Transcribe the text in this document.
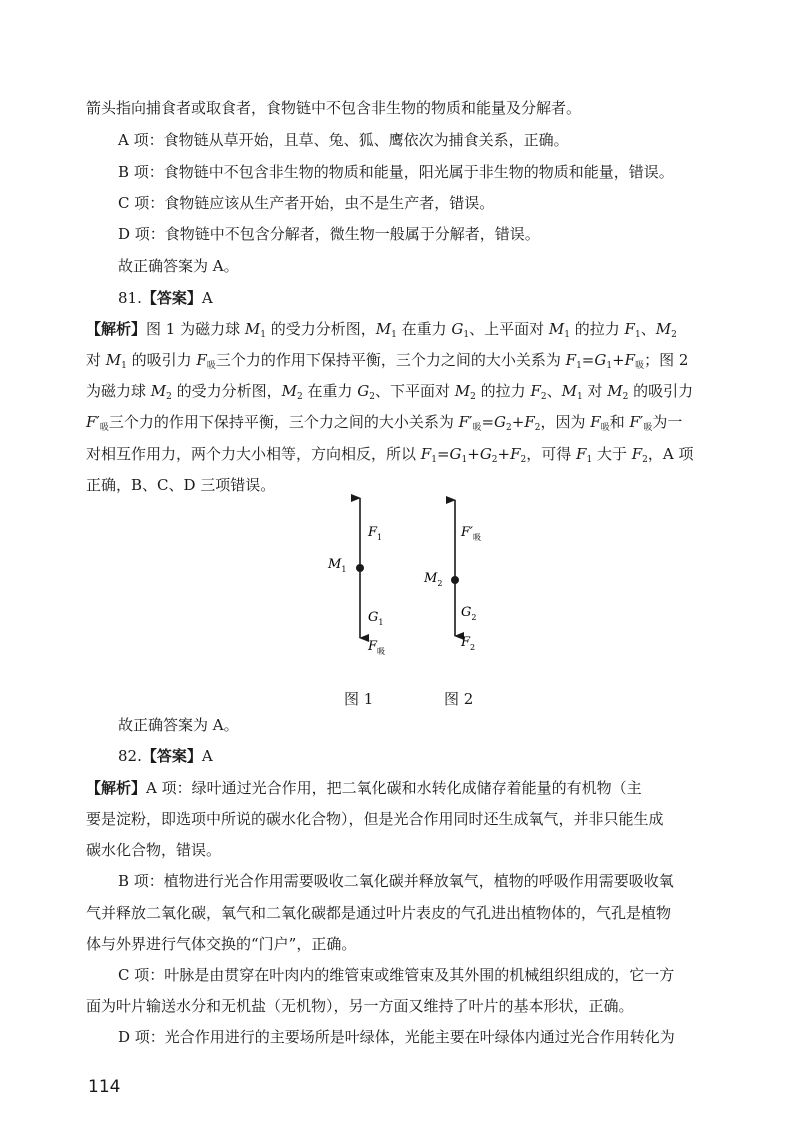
箭头指向捕食者或取食者，食物链中不包含非生物的物质和能量及分解者。
A 项：食物链从草开始，且草、兔、狐、鹰依次为捕食关系，正确。
B 项：食物链中不包含非生物的物质和能量，阳光属于非生物的物质和能量，错误。
C 项：食物链应该从生产者开始，虫不是生产者，错误。
D 项：食物链中不包含分解者，微生物一般属于分解者，错误。
故正确答案为 A。
81.【答案】A
【解析】图 1 为磁力球 $M_1$ 的受力分析图，$M_1$ 在重力 $G_1$、上平面对 $M_1$ 的拉力 $F_1$、$M_2$
对 $M_1$ 的吸引力 $F_吸$三个力的作用下保持平衡，三个力之间的大小关系为 $F_1=G_1+F_吸$；图 2
为磁力球 $M_2$ 的受力分析图，$M_2$ 在重力 $G_2$、下平面对 $M_2$ 的拉力 $F_2$、$M_1$ 对 $M_2$ 的吸引力
$F'_吸$三个力的作用下保持平衡，三个力之间的大小关系为 $F'_吸=G_2+F_2$，因为 $F_吸$和 $F'_吸$为一
对相互作用力，两个力大小相等，方向相反，所以 $F_1=G_1+G_2+F_2$，可得 $F_1$ 大于 $F_2$，A 项
正确，B、C、D 三项错误。
$F_1$
$M_1$
$G_1$
$F_吸$
$F'_吸$
$M_2$
$G_2$
$F_2$
图 1	图 2
故正确答案为 A。
82.【答案】A
【解析】A 项：绿叶通过光合作用，把二氧化碳和水转化成储存着能量的有机物（主
要是淀粉，即选项中所说的碳水化合物），但是光合作用同时还生成氧气，并非只能生成
碳水化合物，错误。
B 项：植物进行光合作用需要吸收二氧化碳并释放氧气，植物的呼吸作用需要吸收氧
气并释放二氧化碳，氧气和二氧化碳都是通过叶片表皮的气孔进出植物体的，气孔是植物
体与外界进行气体交换的“门户”，正确。
C 项：叶脉是由贯穿在叶肉内的维管束或维管束及其外围的机械组织组成的，它一方
面为叶片输送水分和无机盐（无机物），另一方面又维持了叶片的基本形状，正确。
D 项：光合作用进行的主要场所是叶绿体，光能主要在叶绿体内通过光合作用转化为
114
